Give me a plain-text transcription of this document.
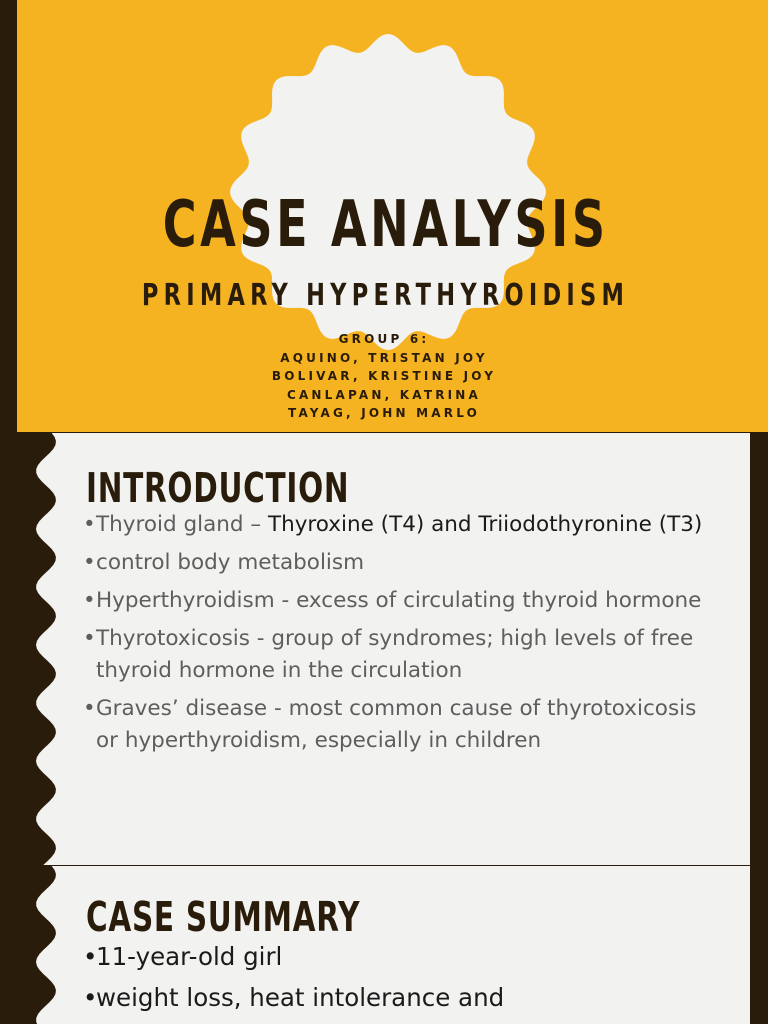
CASE ANALYSIS
PRIMARY HYPERTHYROIDISM
GROUP 6:
AQUINO, TRISTAN JOY
BOLIVAR, KRISTINE JOY
CANLAPAN, KATRINA
TAYAG, JOHN MARLO
INTRODUCTION
• Thyroid gland – Thyroxine (T4) and Triiodothyronine (T3)
• control body metabolism
• Hyperthyroidism - excess of circulating thyroid hormone
• Thyrotoxicosis - group of syndromes; high levels of free thyroid hormone in the circulation
• Graves’ disease - most common cause of thyrotoxicosis or hyperthyroidism, especially in children
CASE SUMMARY
•
11-year-old girl
•
weight loss, heat intolerance and
